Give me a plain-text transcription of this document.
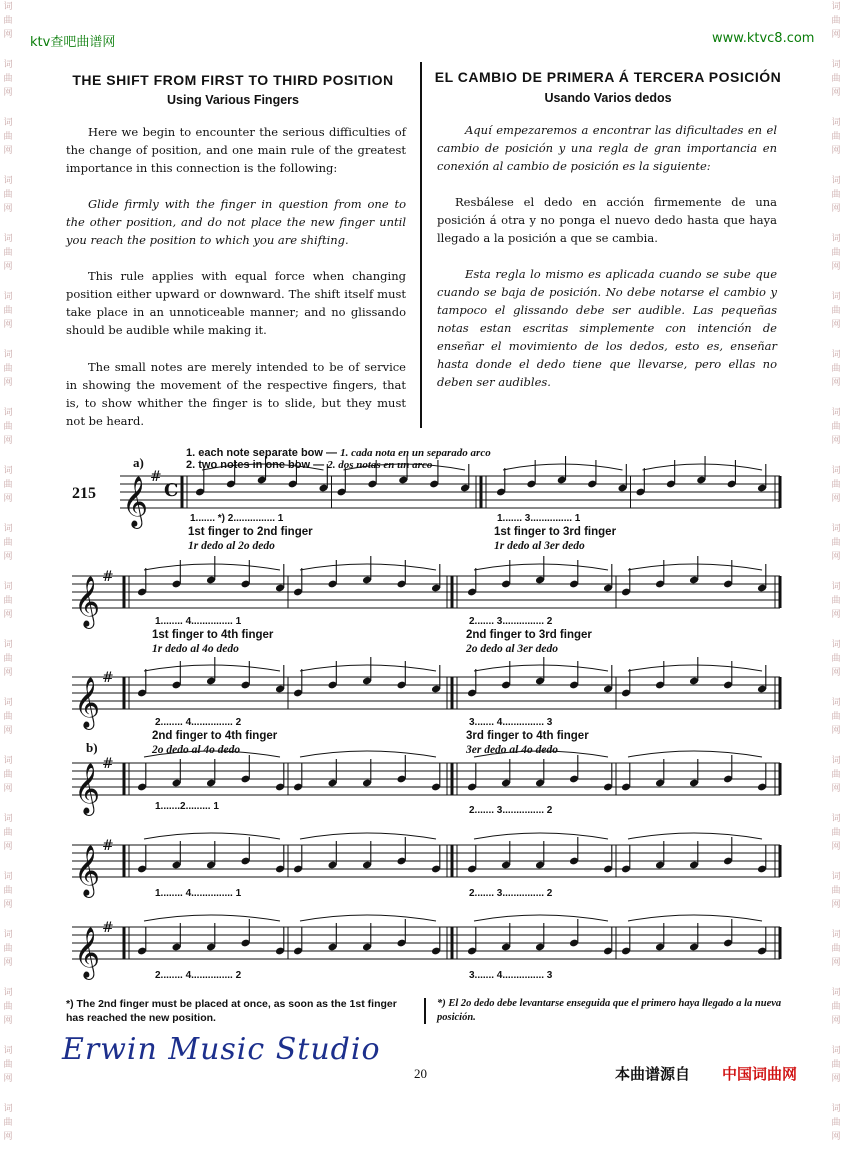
ktv查吧曲谱网	www.ktvc8.com
词
曲
网
词
曲
网
词
曲
网
词
曲
网
词
曲
网
词
曲
网
词
曲
网
词
曲
网
词
曲
网
词
曲
网
词
曲
网
词
曲
网
词
曲
网
词
曲
网
词
曲
网
词
曲
网
词
曲
网
词
曲
网
词
曲
网
词
曲
网
词
曲
网
词
曲
网
词
曲
网
词
曲
网
词
曲
网
词
曲
网
词
曲
网
词
曲
网
词
曲
网
词
曲
网
词
曲
网
词
曲
网
词
曲
网
词
曲
网
词
曲
网
词
曲
网
词
曲
网
词
曲
网
词
曲
网
词
曲
网
THE SHIFT FROM FIRST TO THIRD POSITION
Using Various Fingers
Here we begin to encounter the serious difficulties of the change of position, and one main rule of the greatest importance in this connection is the following:
Glide firmly with the finger in question from one to the other position, and do not place the new finger until you reach the position to which you are shifting.
This rule applies with equal force when changing position either upward or downward. The shift itself must take place in an unnoticeable manner; and no glissando should be audible while making it.
The small notes are merely intended to be of service in showing the movement of the respective fingers, that is, to show whither the finger is to slide, but they must not be heard.
EL CAMBIO DE PRIMERA Á TERCERA POSICIÓN
Usando Varios dedos
Aquí empezaremos a encontrar las dificultades en el cambio de posición y una regla de gran importancia en conexión al cambio de posición es la siguiente:
Resbálese el dedo en acción firmemente de una posición á otra y no ponga el nuevo dedo hasta que haya llegado a la posición a que se cambia.
Esta regla lo mismo es aplicada cuando se sube que cuando se baja de posición. No debe notarse el cambio y tampoco el glissando debe ser audible. Las pequeñas notas estan escritas simplemente con intención de enseñar el movimiento de los dedos, esto es, enseñar hasta donde el dedo tiene que llevarse, pero ellas no deben ser audibles.
a)
215
b)
1. each note separate bow — 1. cada nota en un separado arco
2. two notes in one bow — 2. dos notas en un arco
𝄞 #
C
𝄞 #
𝄞 #
𝄞 #
𝄞 #
𝄞 #
1....... *) 2............... 1
1st finger to 2nd finger
1r dedo al 2o dedo
1....... 3............... 1
1st finger to 3rd finger
1r dedo al 3er dedo
1........ 4............... 1
1st finger to 4th finger
1r dedo al 4o dedo
2....... 3............... 2
2nd finger to 3rd finger
2o dedo al 3er dedo
2........ 4............... 2
2nd finger to 4th finger
2o dedo al 4o dedo
3....... 4............... 3
3rd finger to 4th finger
3er dedo al 4o dedo
1.......2......... 1	2....... 3............... 2
1........ 4............... 1	2....... 3............... 2
2........ 4............... 2	3....... 4............... 3
*) The 2nd finger must be placed at once, as soon as the 1st finger has reached the new position.
*) El 2o dedo debe levantarse enseguida que el primero haya llegado a la nueva posición.
Erwin Music Studio
20	本曲谱源自 中国词曲网
